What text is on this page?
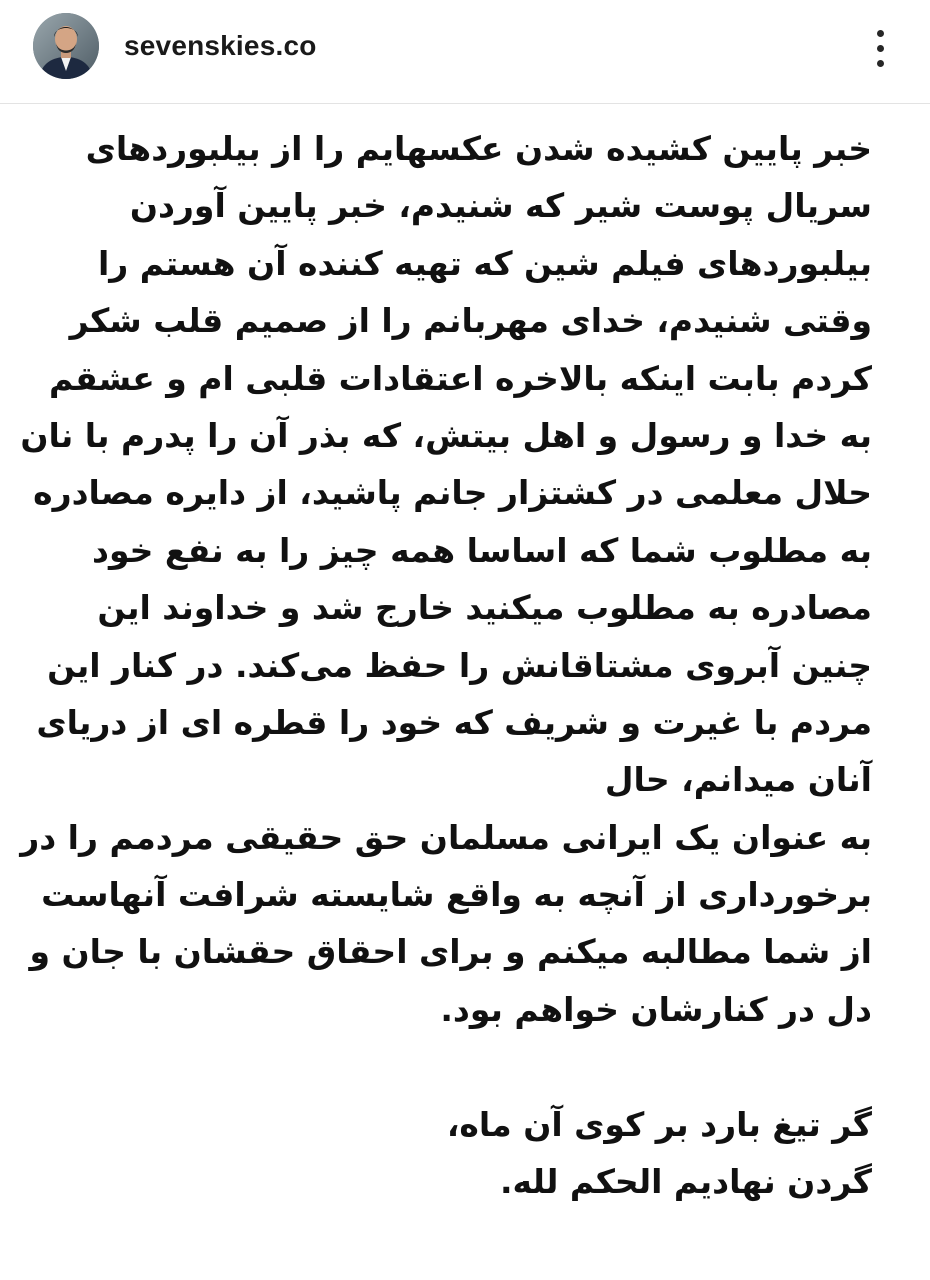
sevenskies.co
خبر پایین کشیده شدن عکسهایم را از بیلبوردهای
سریال پوست شیر که شنیدم، خبر پایین آوردن
بیلبوردهای فیلم شین که تهیه کننده آن هستم را
وقتی شنیدم، خدای مهربانم را از صمیم قلب شکر
کردم بابت اینکه بالاخره اعتقادات قلبی ام و عشقم
به خدا و رسول و اهل بیتش، که بذر آن را پدرم با نان
حلال معلمی در کشتزار جانم پاشید، از دایره مصادره
به مطلوب شما که اساسا همه چیز را به نفع خود
مصادره به مطلوب میکنید خارج شد و خداوند این
چنین آبروی مشتاقانش را حفظ می‌کند. در کنار این
مردم با غیرت و شریف که خود را قطره ای از دریای
آنان میدانم، حال
به عنوان یک ایرانی مسلمان حق حقیقی مردمم را در
برخورداری از آنچه به واقع شایسته شرافت آنهاست
از شما مطالبه میکنم و برای احقاق حقشان با جان و
دل در کنارشان خواهم بود.
گر تیغ بارد بر کوی آن ماه،
گردن نهادیم الحکم لله.
